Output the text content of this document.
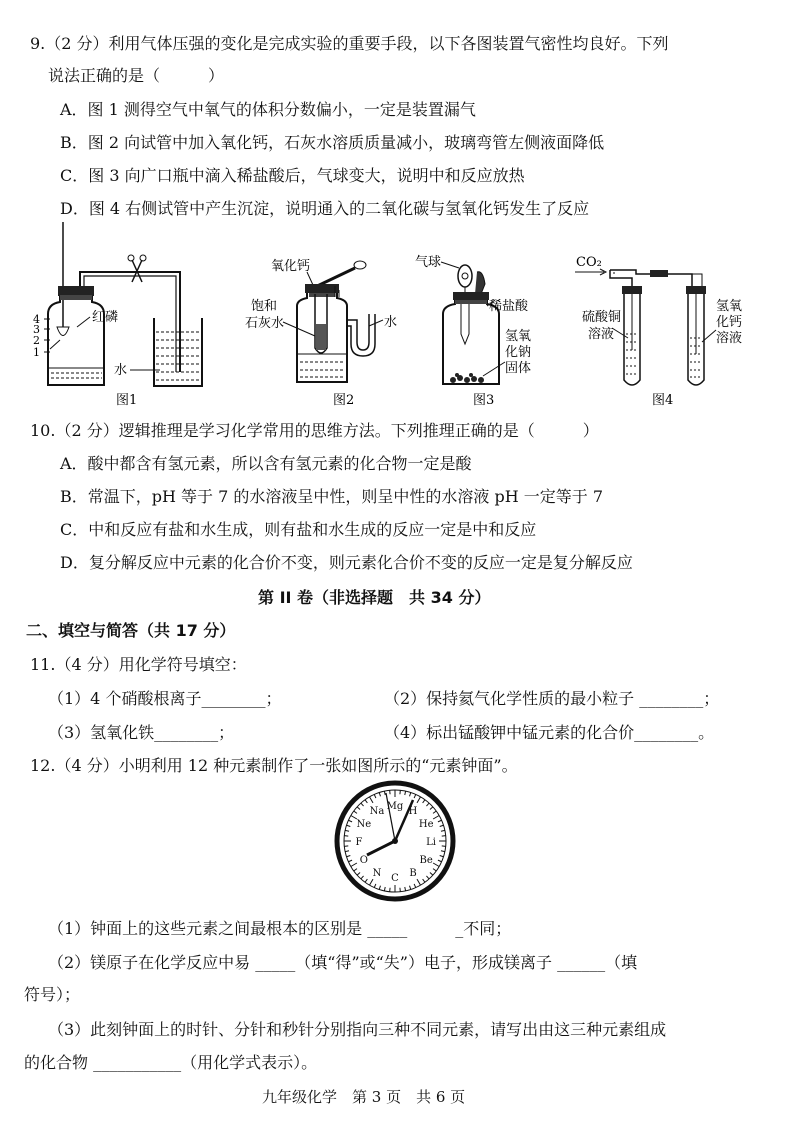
9.（2 分）利用气体压强的变化是完成实验的重要手段，以下各图装置气密性均良好。下列
说法正确的是（　　　）
A．图 1 测得空气中氧气的体积分数偏小，一定是装置漏气
B．图 2 向试管中加入氧化钙，石灰水溶质质量减小，玻璃弯管左侧液面降低
C．图 3 向广口瓶中滴入稀盐酸后，气球变大，说明中和反应放热
D．图 4 右侧试管中产生沉淀，说明通入的二氧化碳与氢氧化钙发生了反应
4
3
2
1
红磷
水
图1
氧化钙
水
饱和
石灰水
图2
气球
稀盐酸
氢氧
化钠
固体
图3
CO₂
硫酸铜
溶液
氢氧
化钙
溶液
图4
10.（2 分）逻辑推理是学习化学常用的思维方法。下列推理正确的是（　　　）
A．酸中都含有氢元素，所以含有氢元素的化合物一定是酸
B．常温下，pH 等于 7 的水溶液呈中性，则呈中性的水溶液 pH 一定等于 7
C．中和反应有盐和水生成，则有盐和水生成的反应一定是中和反应
D．复分解反应中元素的化合价不变，则元素化合价不变的反应一定是复分解反应
第 II 卷（非选择题　共 34 分）
二、填空与简答（共 17 分）
11.（4 分）用化学符号填空：
（1）4 个硝酸根离子________；	（2）保持氦气化学性质的最小粒子 ________；
（3）氢氧化铁________；	（4）标出锰酸钾中锰元素的化合价________。
12.（4 分）小明利用 12 种元素制作了一张如图所示的“元素钟面”。
H
He
Li
Be
B
C
N
O
F
Ne
Na Mg
（1）钟面上的这些元素之间最根本的区别是 _____　　　_不同；
（2）镁原子在化学反应中易 _____（填“得”或“失”）电子，形成镁离子 ______（填
符号）；
（3）此刻钟面上的时针、分针和秒针分别指向三种不同元素，请写出由这三种元素组成
的化合物 ___________（用化学式表示）。
九年级化学　第 3 页　共 6 页
